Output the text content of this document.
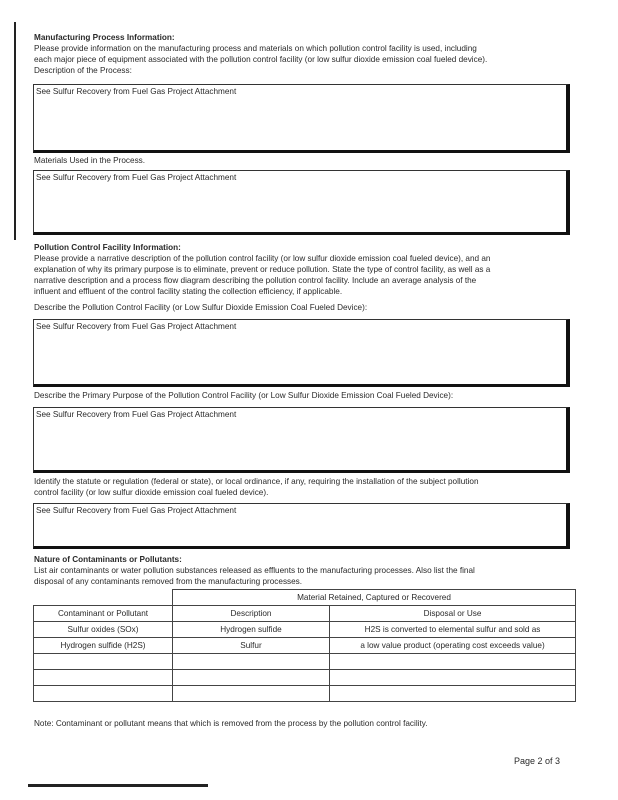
Manufacturing Process Information:
Please provide information on the manufacturing process and materials on which pollution control facility is used, including
each major piece of equipment associated with the pollution control facility (or low sulfur dioxide emission coal fueled device).
Description of the Process:
See Sulfur Recovery from Fuel Gas Project Attachment
Materials Used in the Process.
See Sulfur Recovery from Fuel Gas Project Attachment
Pollution Control Facility Information:
Please provide a narrative description of the pollution control facility (or low sulfur dioxide emission coal fueled device), and an
explanation of why its primary purpose is to eliminate, prevent or reduce pollution. State the type of control facility, as well as a
narrative description and a process flow diagram describing the pollution control facility. Include an average analysis of the
influent and effluent of the control facility stating the collection efficiency, if applicable.
Describe the Pollution Control Facility (or Low Sulfur Dioxide Emission Coal Fueled Device):
See Sulfur Recovery from Fuel Gas Project Attachment
Describe the Primary Purpose of the Pollution Control Facility (or Low Sulfur Dioxide Emission Coal Fueled Device):
See Sulfur Recovery from Fuel Gas Project Attachment
Identify the statute or regulation (federal or state), or local ordinance, if any, requiring the installation of the subject pollution
control facility (or low sulfur dioxide emission coal fueled device).
See Sulfur Recovery from Fuel Gas Project Attachment
Nature of Contaminants or Pollutants:
List air contaminants or water pollution substances released as effluents to the manufacturing processes. Also list the final
disposal of any contaminants removed from the manufacturing processes.
	Material Retained, Captured or Recovered	
Contaminant or Pollutant	Description	Disposal or Use
Sulfur oxides (SOx)	Hydrogen sulfide	H2S is converted to elemental sulfur and sold as
Hydrogen sulfide (H2S)	Sulfur	a low value product (operating cost exceeds value)

Note: Contaminant or pollutant means that which is removed from the process by the pollution control facility.
Page 2 of 3
